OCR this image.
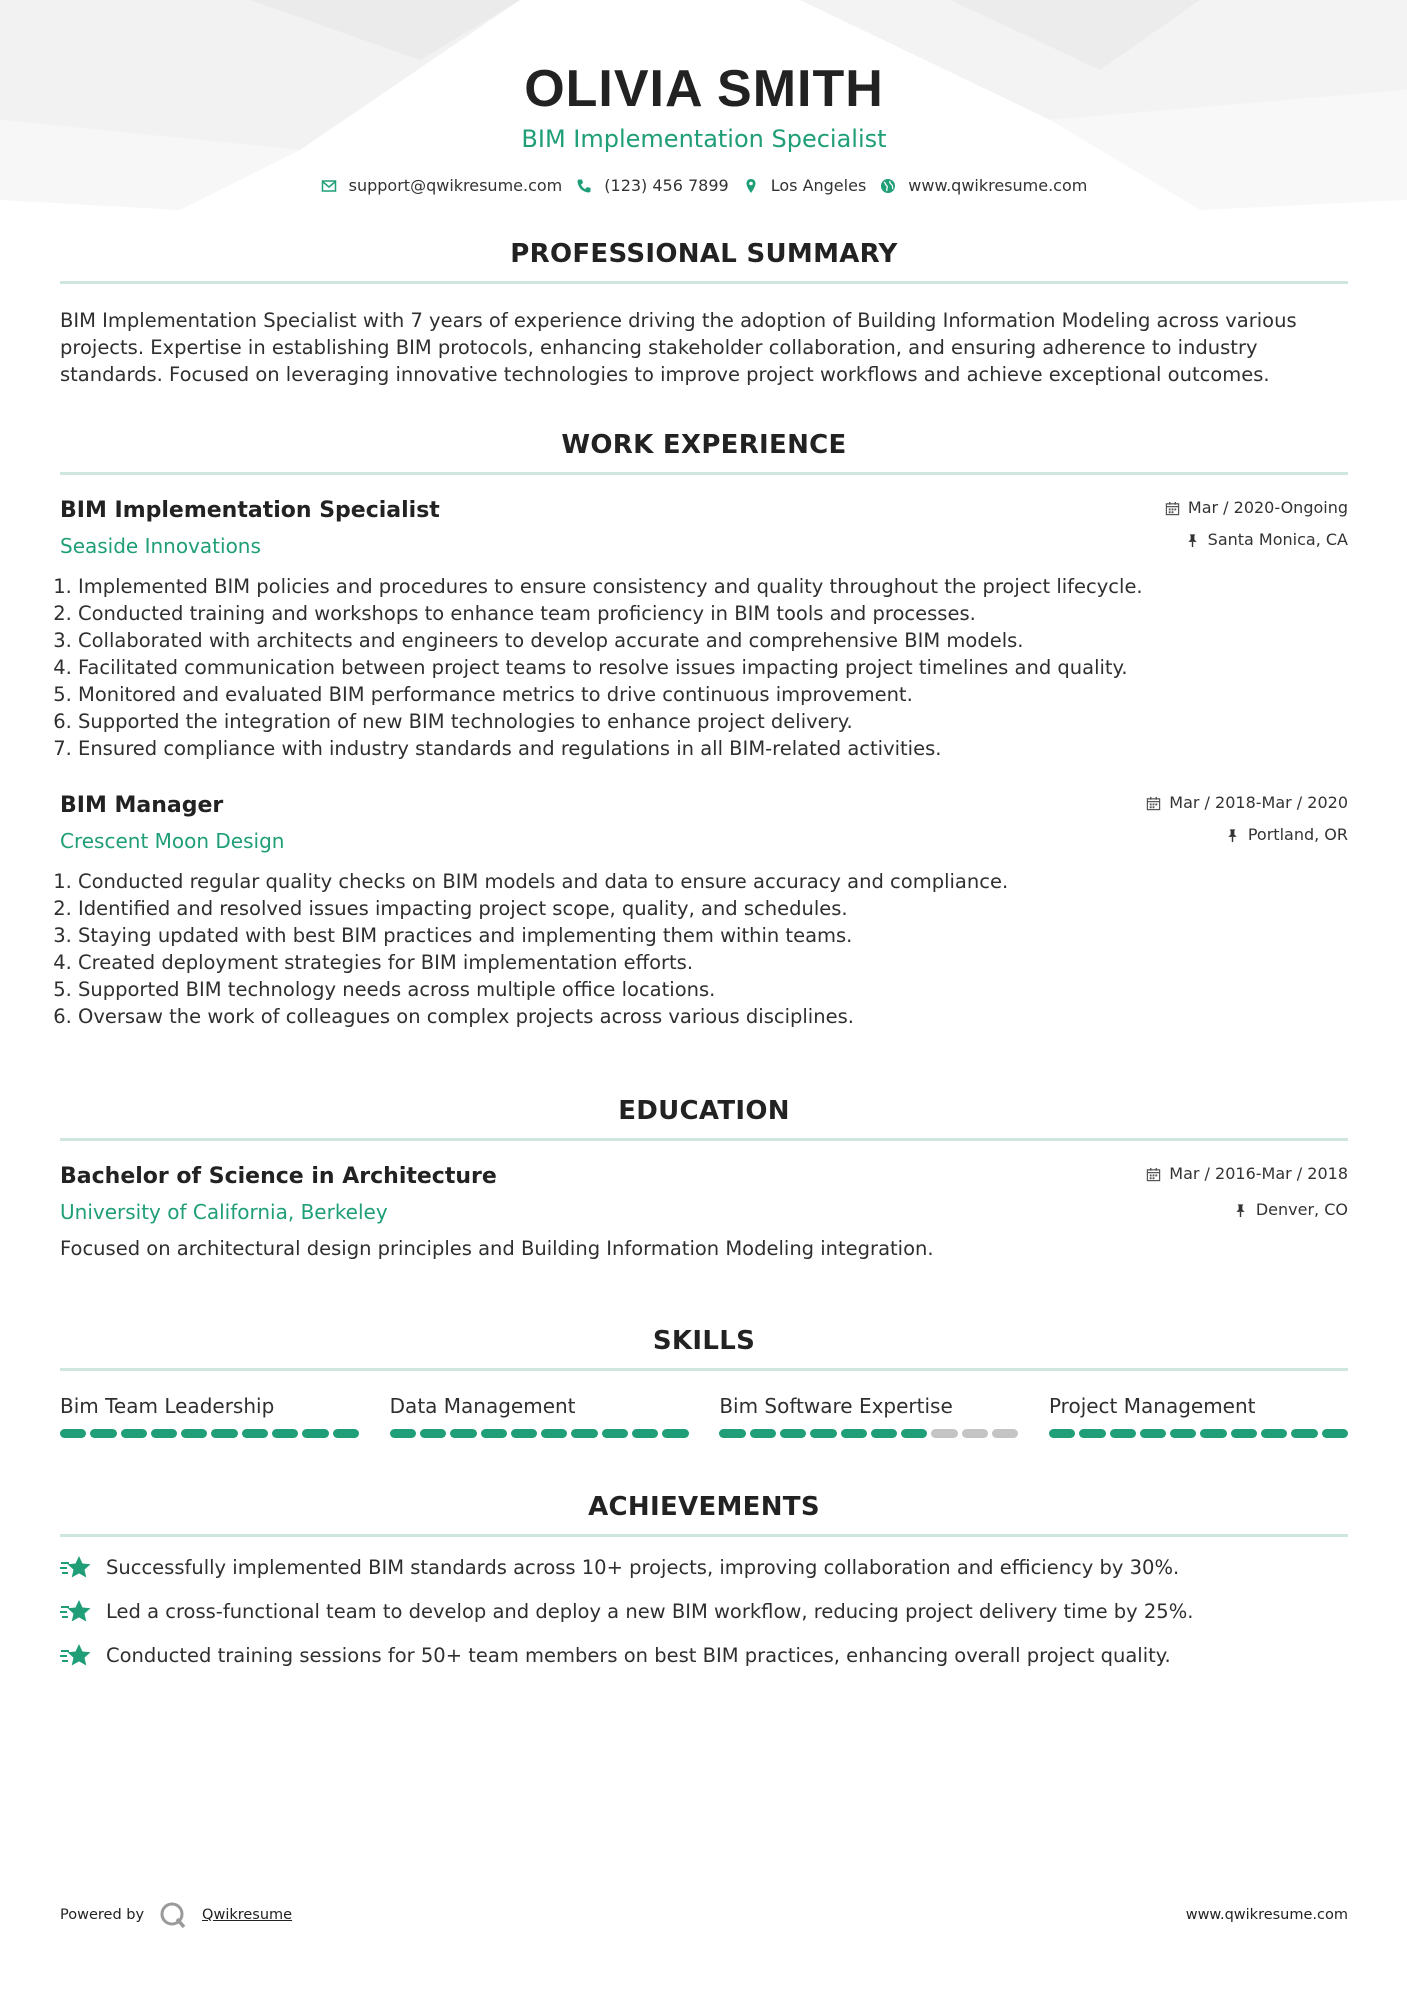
OLIVIA SMITH
BIM Implementation Specialist
support@qwikresume.com	(123) 456 7899	Los Angeles	www.qwikresume.com
PROFESSIONAL SUMMARY
BIM Implementation Specialist with 7 years of experience driving the adoption of Building Information Modeling across various projects. Expertise in establishing BIM protocols, enhancing stakeholder collaboration, and ensuring adherence to industry standards. Focused on leveraging innovative technologies to improve project workflows and achieve exceptional outcomes.
WORK EXPERIENCE
BIM Implementation Specialist
Seaside Innovations
Mar / 2020-Ongoing
Santa Monica, CA
1. Implemented BIM policies and procedures to ensure consistency and quality throughout the project lifecycle.
2. Conducted training and workshops to enhance team proficiency in BIM tools and processes.
3. Collaborated with architects and engineers to develop accurate and comprehensive BIM models.
4. Facilitated communication between project teams to resolve issues impacting project timelines and quality.
5. Monitored and evaluated BIM performance metrics to drive continuous improvement.
6. Supported the integration of new BIM technologies to enhance project delivery.
7. Ensured compliance with industry standards and regulations in all BIM-related activities.
BIM Manager
Crescent Moon Design
Mar / 2018-Mar / 2020
Portland, OR
1. Conducted regular quality checks on BIM models and data to ensure accuracy and compliance.
2. Identified and resolved issues impacting project scope, quality, and schedules.
3. Staying updated with best BIM practices and implementing them within teams.
4. Created deployment strategies for BIM implementation efforts.
5. Supported BIM technology needs across multiple office locations.
6. Oversaw the work of colleagues on complex projects across various disciplines.
EDUCATION
Bachelor of Science in Architecture
University of California, Berkeley
Mar / 2016-Mar / 2018
Denver, CO
Focused on architectural design principles and Building Information Modeling integration.
SKILLS
Bim Team Leadership	Data Management	Bim Software Expertise	Project Management
ACHIEVEMENTS
Successfully implemented BIM standards across 10+ projects, improving collaboration and efficiency by 30%.
Led a cross-functional team to develop and deploy a new BIM workflow, reducing project delivery time by 25%.
Conducted training sessions for 50+ team members on best BIM practices, enhancing overall project quality.
Powered by	Qwikresume	www.qwikresume.com
